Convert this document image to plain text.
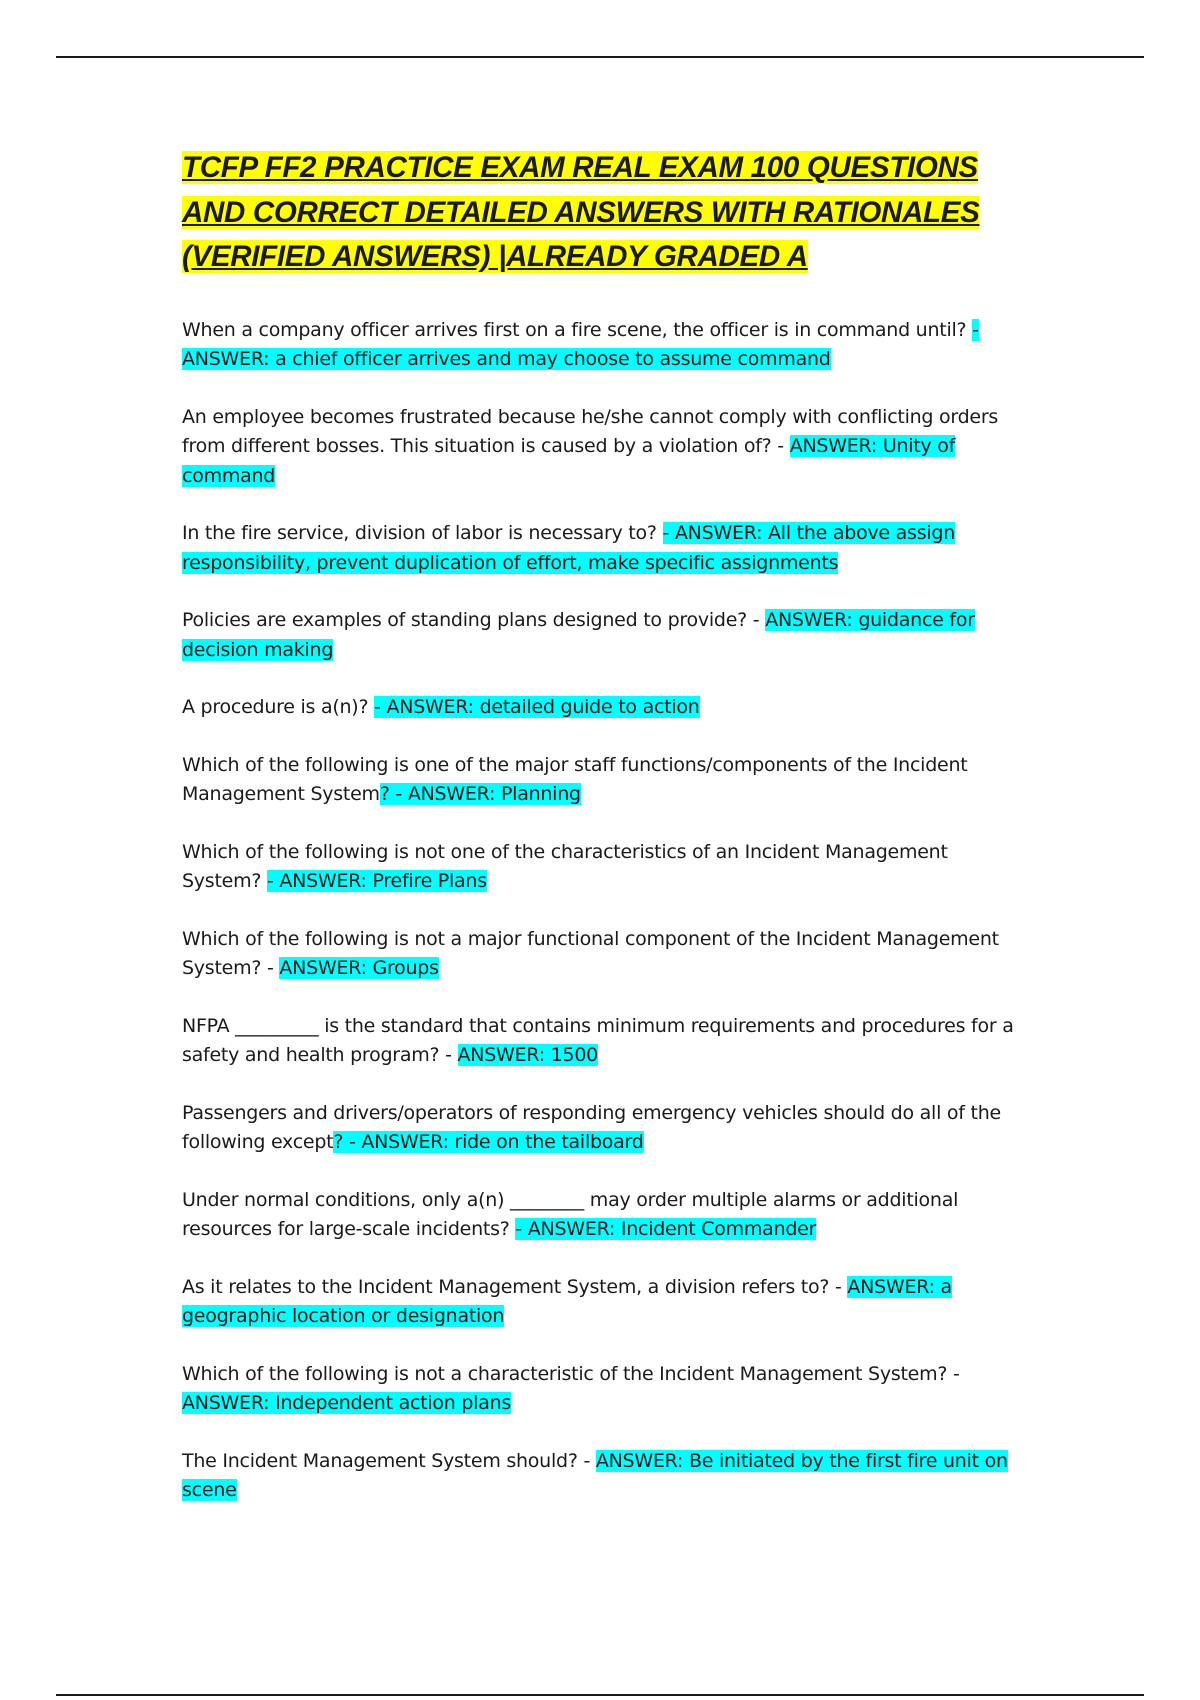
TCFP FF2 PRACTICE EXAM REAL EXAM 100 QUESTIONS AND CORRECT DETAILED ANSWERS WITH RATIONALES (VERIFIED ANSWERS) |ALREADY GRADED A

When a company officer arrives first on a fire scene, the officer is in command until? - ANSWER: a chief officer arrives and may choose to assume command

An employee becomes frustrated because he/she cannot comply with conflicting orders from different bosses. This situation is caused by a violation of? - ANSWER: Unity of command

In the fire service, division of labor is necessary to? - ANSWER: All the above assign responsibility, prevent duplication of effort, make specific assignments

Policies are examples of standing plans designed to provide? - ANSWER: guidance for decision making

A procedure is a(n)? - ANSWER: detailed guide to action

Which of the following is one of the major staff functions/components of the Incident Management System? - ANSWER: Planning

Which of the following is not one of the characteristics of an Incident Management System? - ANSWER: Prefire Plans

Which of the following is not a major functional component of the Incident Management System? - ANSWER: Groups

NFPA _________ is the standard that contains minimum requirements and procedures for a safety and health program? - ANSWER: 1500

Passengers and drivers/operators of responding emergency vehicles should do all of the following except? - ANSWER: ride on the tailboard

Under normal conditions, only a(n) ________ may order multiple alarms or additional resources for large-scale incidents? - ANSWER: Incident Commander

As it relates to the Incident Management System, a division refers to? - ANSWER: a geographic location or designation

Which of the following is not a characteristic of the Incident Management System? - ANSWER: Independent action plans

The Incident Management System should? - ANSWER: Be initiated by the first fire unit on scene
